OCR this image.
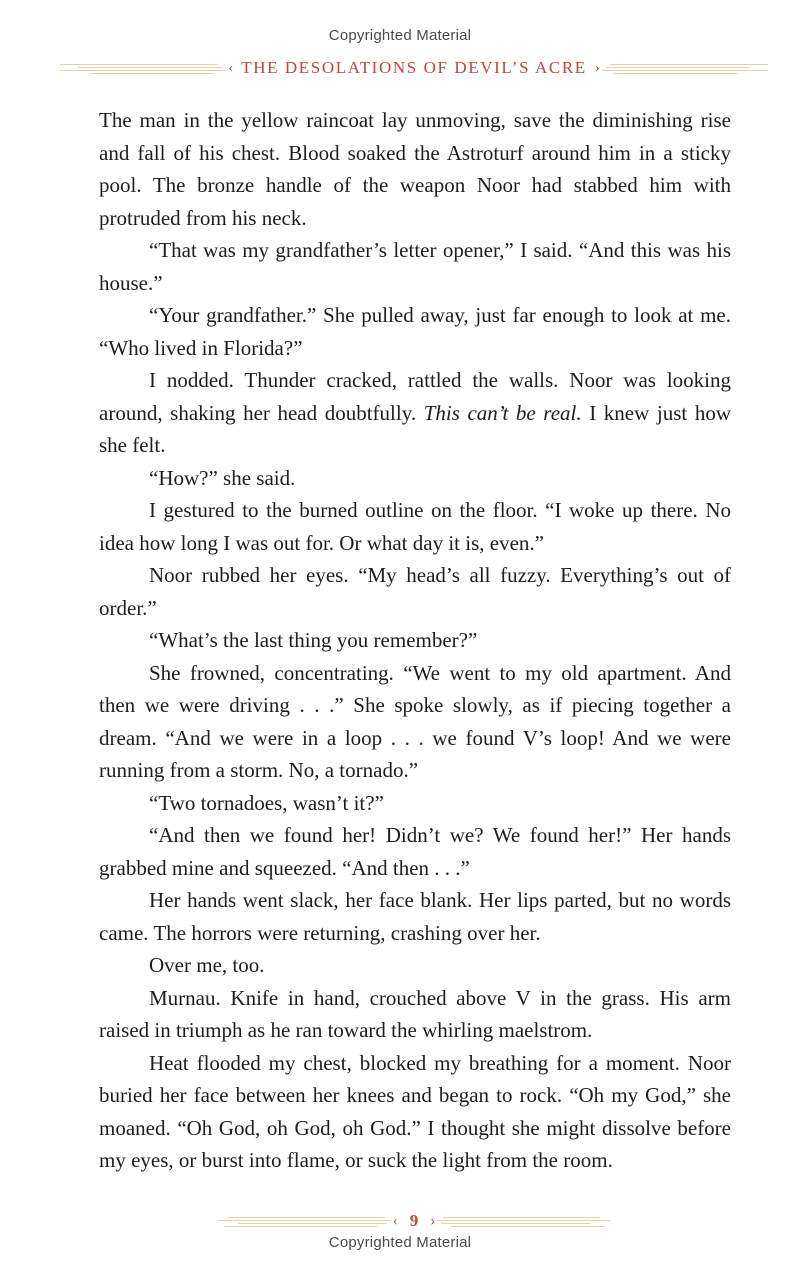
Copyrighted Material
‹ THE DESOLATIONS OF DEVIL’S ACRE ›

The man in the yellow raincoat lay unmoving, save the diminishing rise and fall of his chest. Blood soaked the Astroturf around him in a sticky pool. The bronze handle of the weapon Noor had stabbed him with protruded from his neck.

“That was my grandfather’s letter opener,” I said. “And this was his house.”

“Your grandfather.” She pulled away, just far enough to look at me. “Who lived in Florida?”

I nodded. Thunder cracked, rattled the walls. Noor was looking around, shaking her head doubtfully. This can’t be real. I knew just how she felt.

“How?” she said.

I gestured to the burned outline on the floor. “I woke up there. No idea how long I was out for. Or what day it is, even.”

Noor rubbed her eyes. “My head’s all fuzzy. Everything’s out of order.”

“What’s the last thing you remember?”

She frowned, concentrating. “We went to my old apartment. And then we were driving . . .” She spoke slowly, as if piecing together a dream. “And we were in a loop . . . we found V’s loop! And we were running from a storm. No, a tornado.”

“Two tornadoes, wasn’t it?”

“And then we found her! Didn’t we? We found her!” Her hands grabbed mine and squeezed. “And then . . .”

Her hands went slack, her face blank. Her lips parted, but no words came. The horrors were returning, crashing over her.

Over me, too.

Murnau. Knife in hand, crouched above V in the grass. His arm raised in triumph as he ran toward the whirling maelstrom.

Heat flooded my chest, blocked my breathing for a moment. Noor buried her face between her knees and began to rock. “Oh my God,” she moaned. “Oh God, oh God, oh God.” I thought she might dissolve before my eyes, or burst into flame, or suck the light from the room.

‹ 9 ›
Copyrighted Material
